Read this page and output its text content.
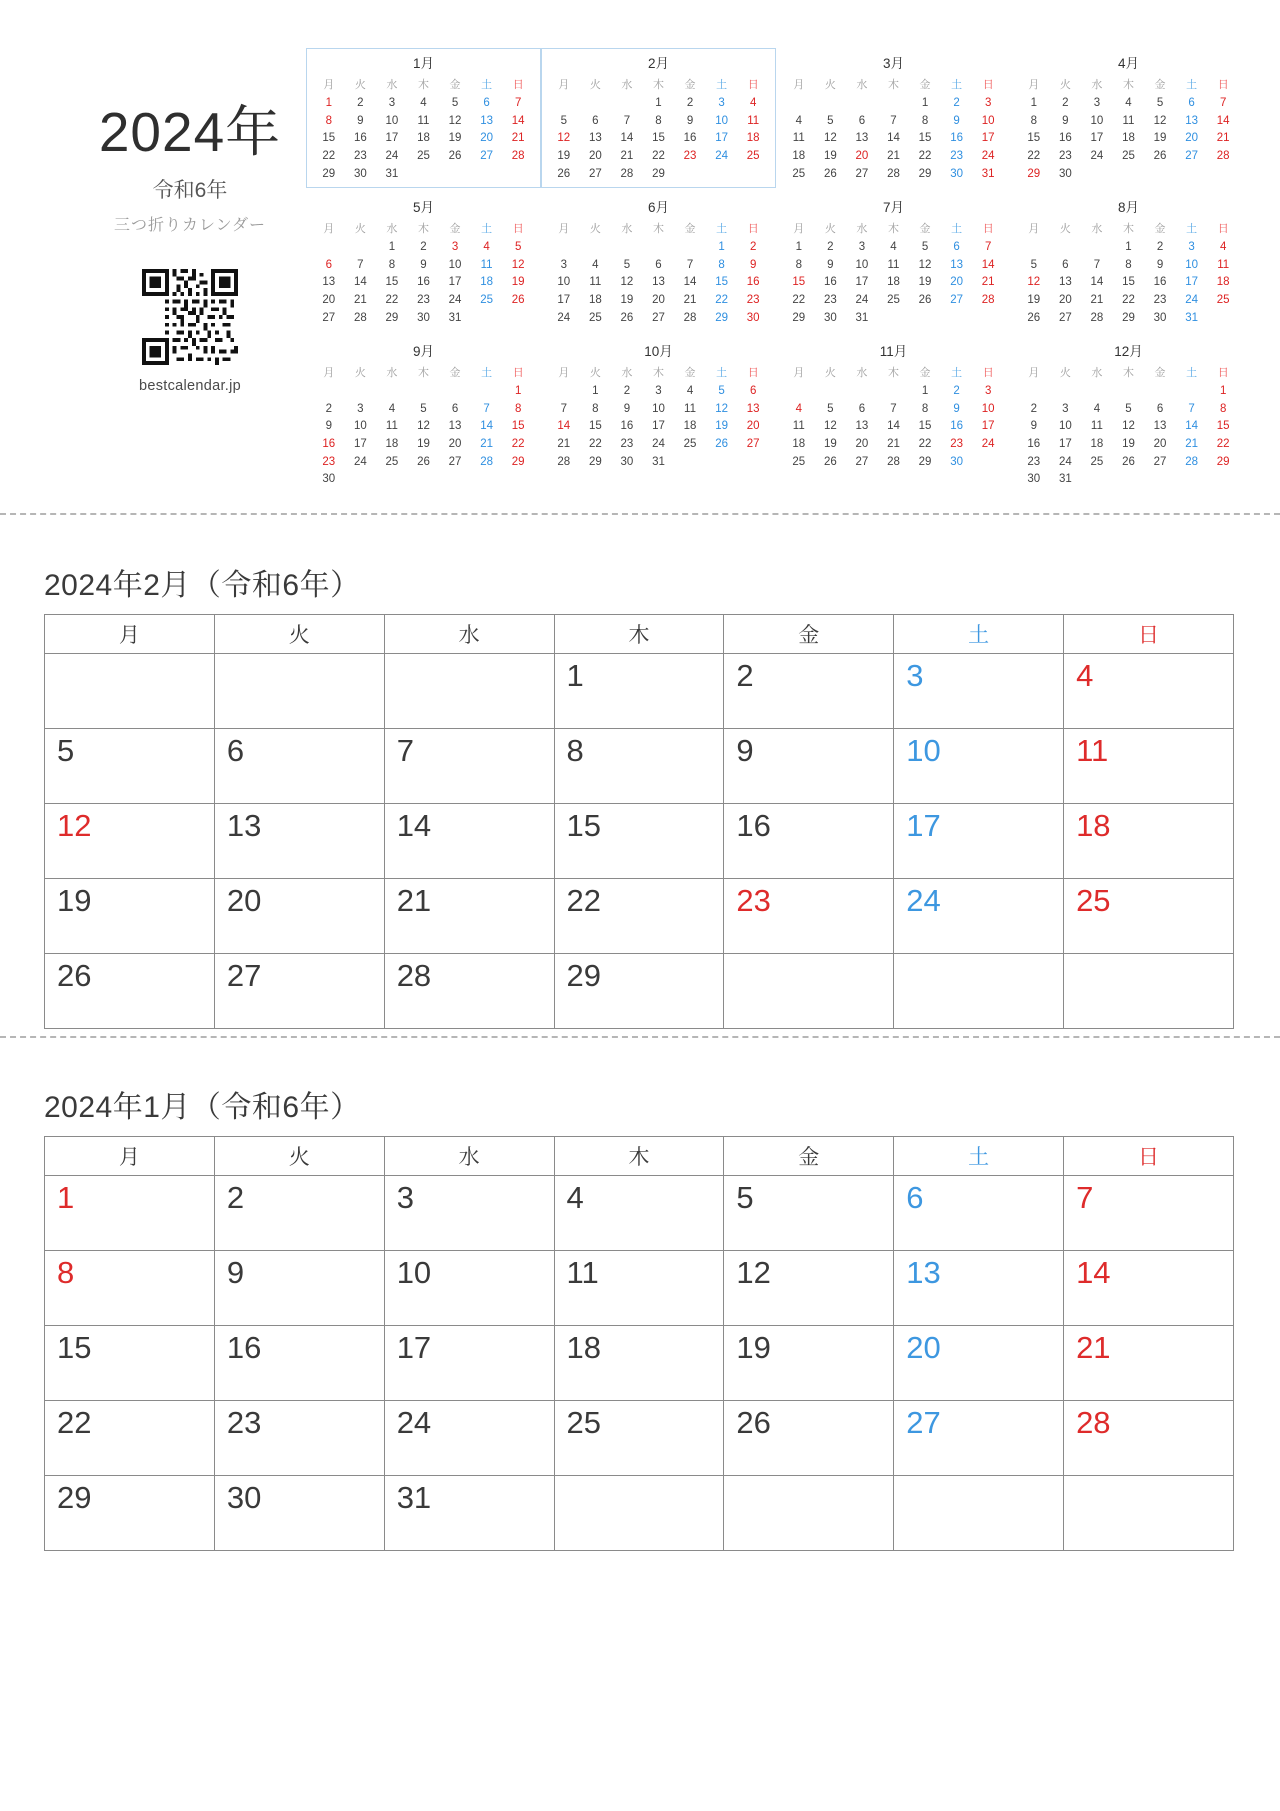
2024年
令和6年
三つ折りカレンダー
bestcalendar.jp
1月
月	火	水	木	金	土	日
1	2	3	4	5	6	7
8	9	10	11	12	13	14
15	16	17	18	19	20	21
22	23	24	25	26	27	28
29	30	31				
2月
月	火	水	木	金	土	日
			1	2	3	4
5	6	7	8	9	10	11
12	13	14	15	16	17	18
19	20	21	22	23	24	25
26	27	28	29			
3月
月	火	水	木	金	土	日
				1	2	3
4	5	6	7	8	9	10
11	12	13	14	15	16	17
18	19	20	21	22	23	24
25	26	27	28	29	30	31
4月
月	火	水	木	金	土	日
1	2	3	4	5	6	7
8	9	10	11	12	13	14
15	16	17	18	19	20	21
22	23	24	25	26	27	28
29	30					
5月
月	火	水	木	金	土	日
		1	2	3	4	5
6	7	8	9	10	11	12
13	14	15	16	17	18	19
20	21	22	23	24	25	26
27	28	29	30	31		
6月
月	火	水	木	金	土	日
					1	2
3	4	5	6	7	8	9
10	11	12	13	14	15	16
17	18	19	20	21	22	23
24	25	26	27	28	29	30
7月
月	火	水	木	金	土	日
1	2	3	4	5	6	7
8	9	10	11	12	13	14
15	16	17	18	19	20	21
22	23	24	25	26	27	28
29	30	31				
8月
月	火	水	木	金	土	日
			1	2	3	4
5	6	7	8	9	10	11
12	13	14	15	16	17	18
19	20	21	22	23	24	25
26	27	28	29	30	31	
9月
月	火	水	木	金	土	日
						1
2	3	4	5	6	7	8
9	10	11	12	13	14	15
16	17	18	19	20	21	22
23	24	25	26	27	28	29
30						
10月
月	火	水	木	金	土	日
	1	2	3	4	5	6
7	8	9	10	11	12	13
14	15	16	17	18	19	20
21	22	23	24	25	26	27
28	29	30	31			
11月
月	火	水	木	金	土	日
				1	2	3
4	5	6	7	8	9	10
11	12	13	14	15	16	17
18	19	20	21	22	23	24
25	26	27	28	29	30	
12月
月	火	水	木	金	土	日
						1
2	3	4	5	6	7	8
9	10	11	12	13	14	15
16	17	18	19	20	21	22
23	24	25	26	27	28	29
30	31					
2024年2月（令和6年）
月	火	水	木	金	土	日
			1	2	3	4
5	6	7	8	9	10	11
12	13	14	15	16	17	18
19	20	21	22	23	24	25
26	27	28	29			
2024年1月（令和6年）
月	火	水	木	金	土	日
1	2	3	4	5	6	7
8	9	10	11	12	13	14
15	16	17	18	19	20	21
22	23	24	25	26	27	28
29	30	31				
